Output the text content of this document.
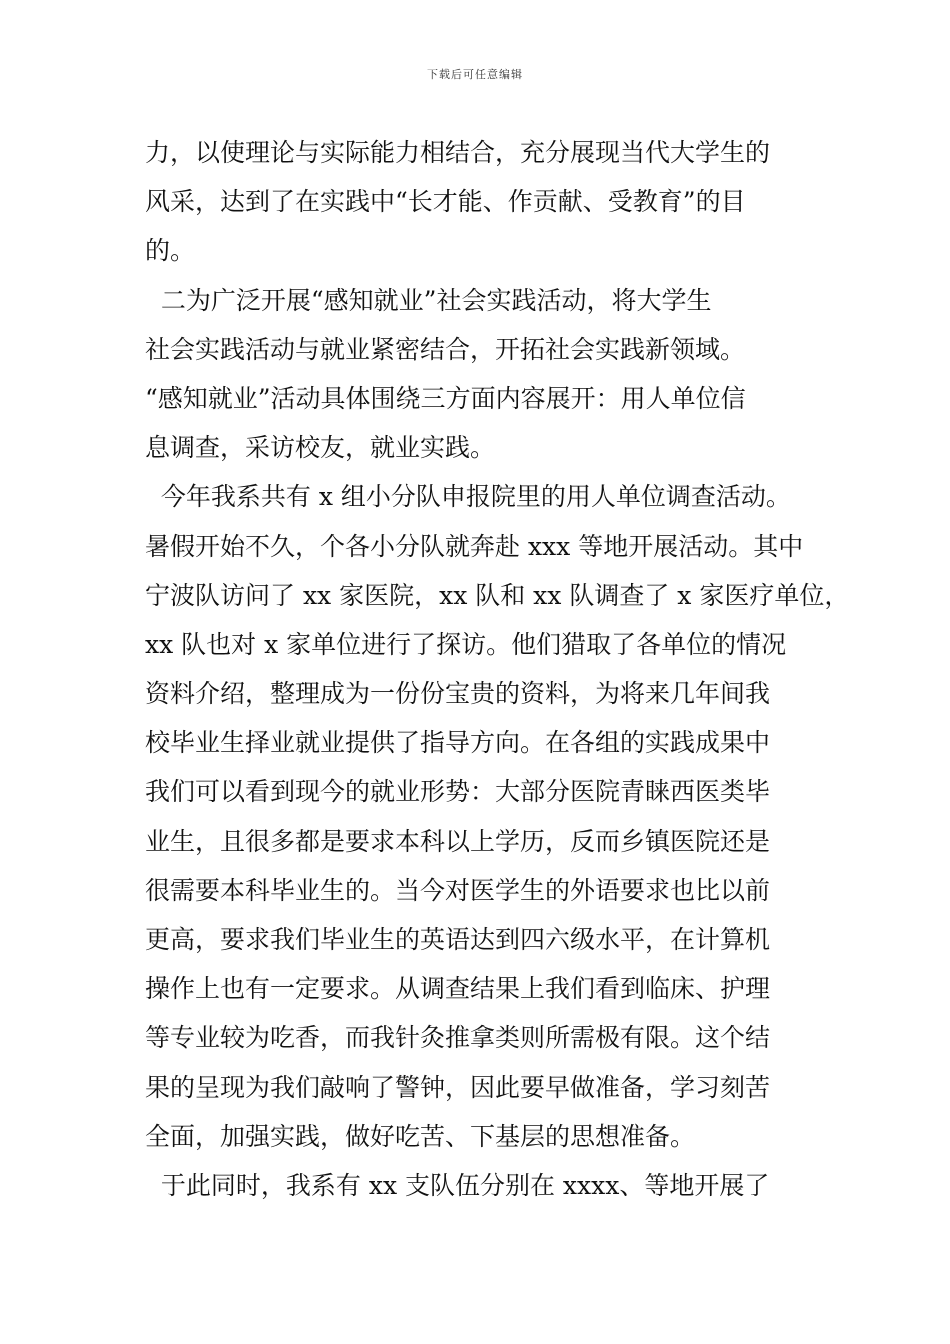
下载后可任意编辑
力，以使理论与实际能力相结合，充分展现当代大学生的
风采，达到了在实践中“长才能、作贡献、受教育”的目
的。
二为广泛开展“感知就业”社会实践活动，将大学生
社会实践活动与就业紧密结合，开拓社会实践新领域。
“感知就业”活动具体围绕三方面内容展开：用人单位信
息调查，采访校友，就业实践。
今年我系共有 x 组小分队申报院里的用人单位调查活动。
暑假开始不久，个各小分队就奔赴 xxx 等地开展活动。其中
宁波队访问了 xx 家医院，xx 队和 xx 队调查了 x 家医疗单位，
xx 队也对 x 家单位进行了探访。他们猎取了各单位的情况
资料介绍，整理成为一份份宝贵的资料，为将来几年间我
校毕业生择业就业提供了指导方向。在各组的实践成果中
我们可以看到现今的就业形势：大部分医院青睐西医类毕
业生，且很多都是要求本科以上学历，反而乡镇医院还是
很需要本科毕业生的。当今对医学生的外语要求也比以前
更高，要求我们毕业生的英语达到四六级水平，在计算机
操作上也有一定要求。从调查结果上我们看到临床、护理
等专业较为吃香，而我针灸推拿类则所需极有限。这个结
果的呈现为我们敲响了警钟，因此要早做准备，学习刻苦
全面，加强实践，做好吃苦、下基层的思想准备。
于此同时，我系有 xx 支队伍分别在 xxxx、等地开展了
